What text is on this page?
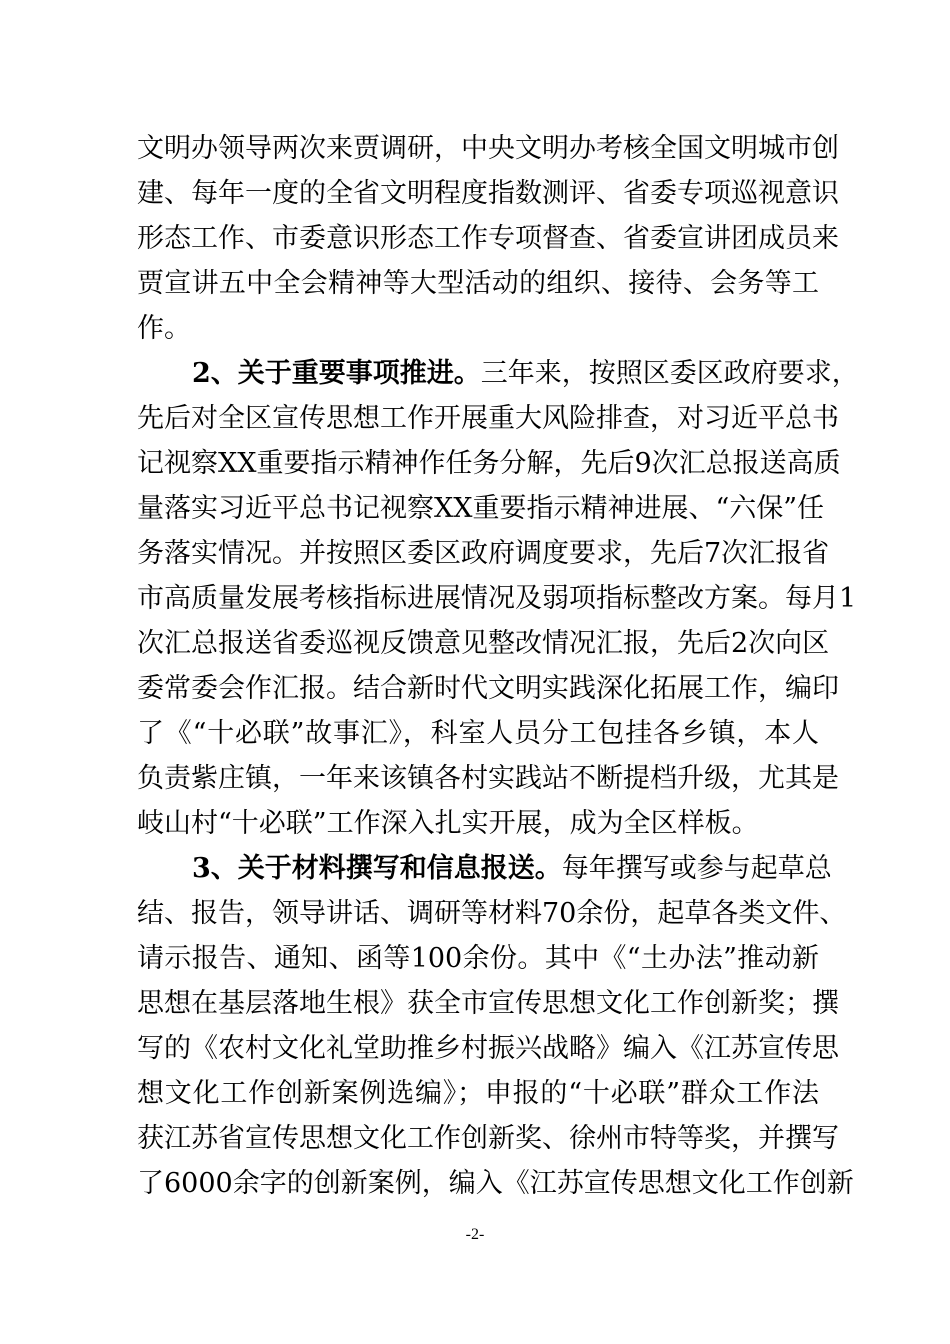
文明办领导两次来贾调研，中央文明办考核全国文明城市创
建、每年一度的全省文明程度指数测评、省委专项巡视意识
形态工作、市委意识形态工作专项督查、省委宣讲团成员来
贾宣讲五中全会精神等大型活动的组织、接待、会务等工
作。
2、关于重要事项推进。三年来，按照区委区政府要求，
先后对全区宣传思想工作开展重大风险排查，对习近平总书
记视察XX重要指示精神作任务分解，先后9次汇总报送高质
量落实习近平总书记视察XX重要指示精神进展、“六保”任
务落实情况。并按照区委区政府调度要求，先后7次汇报省
市高质量发展考核指标进展情况及弱项指标整改方案。每月1
次汇总报送省委巡视反馈意见整改情况汇报，先后2次向区
委常委会作汇报。结合新时代文明实践深化拓展工作，编印
了《“十必联”故事汇》，科室人员分工包挂各乡镇，本人
负责紫庄镇，一年来该镇各村实践站不断提档升级，尤其是
岐山村“十必联”工作深入扎实开展，成为全区样板。
3、关于材料撰写和信息报送。每年撰写或参与起草总
结、报告，领导讲话、调研等材料70余份，起草各类文件、
请示报告、通知、函等100余份。其中《“土办法”推动新
思想在基层落地生根》获全市宣传思想文化工作创新奖；撰
写的《农村文化礼堂助推乡村振兴战略》编入《江苏宣传思
想文化工作创新案例选编》；申报的“十必联”群众工作法
获江苏省宣传思想文化工作创新奖、徐州市特等奖，并撰写
了6000余字的创新案例，编入《江苏宣传思想文化工作创新
-2-
